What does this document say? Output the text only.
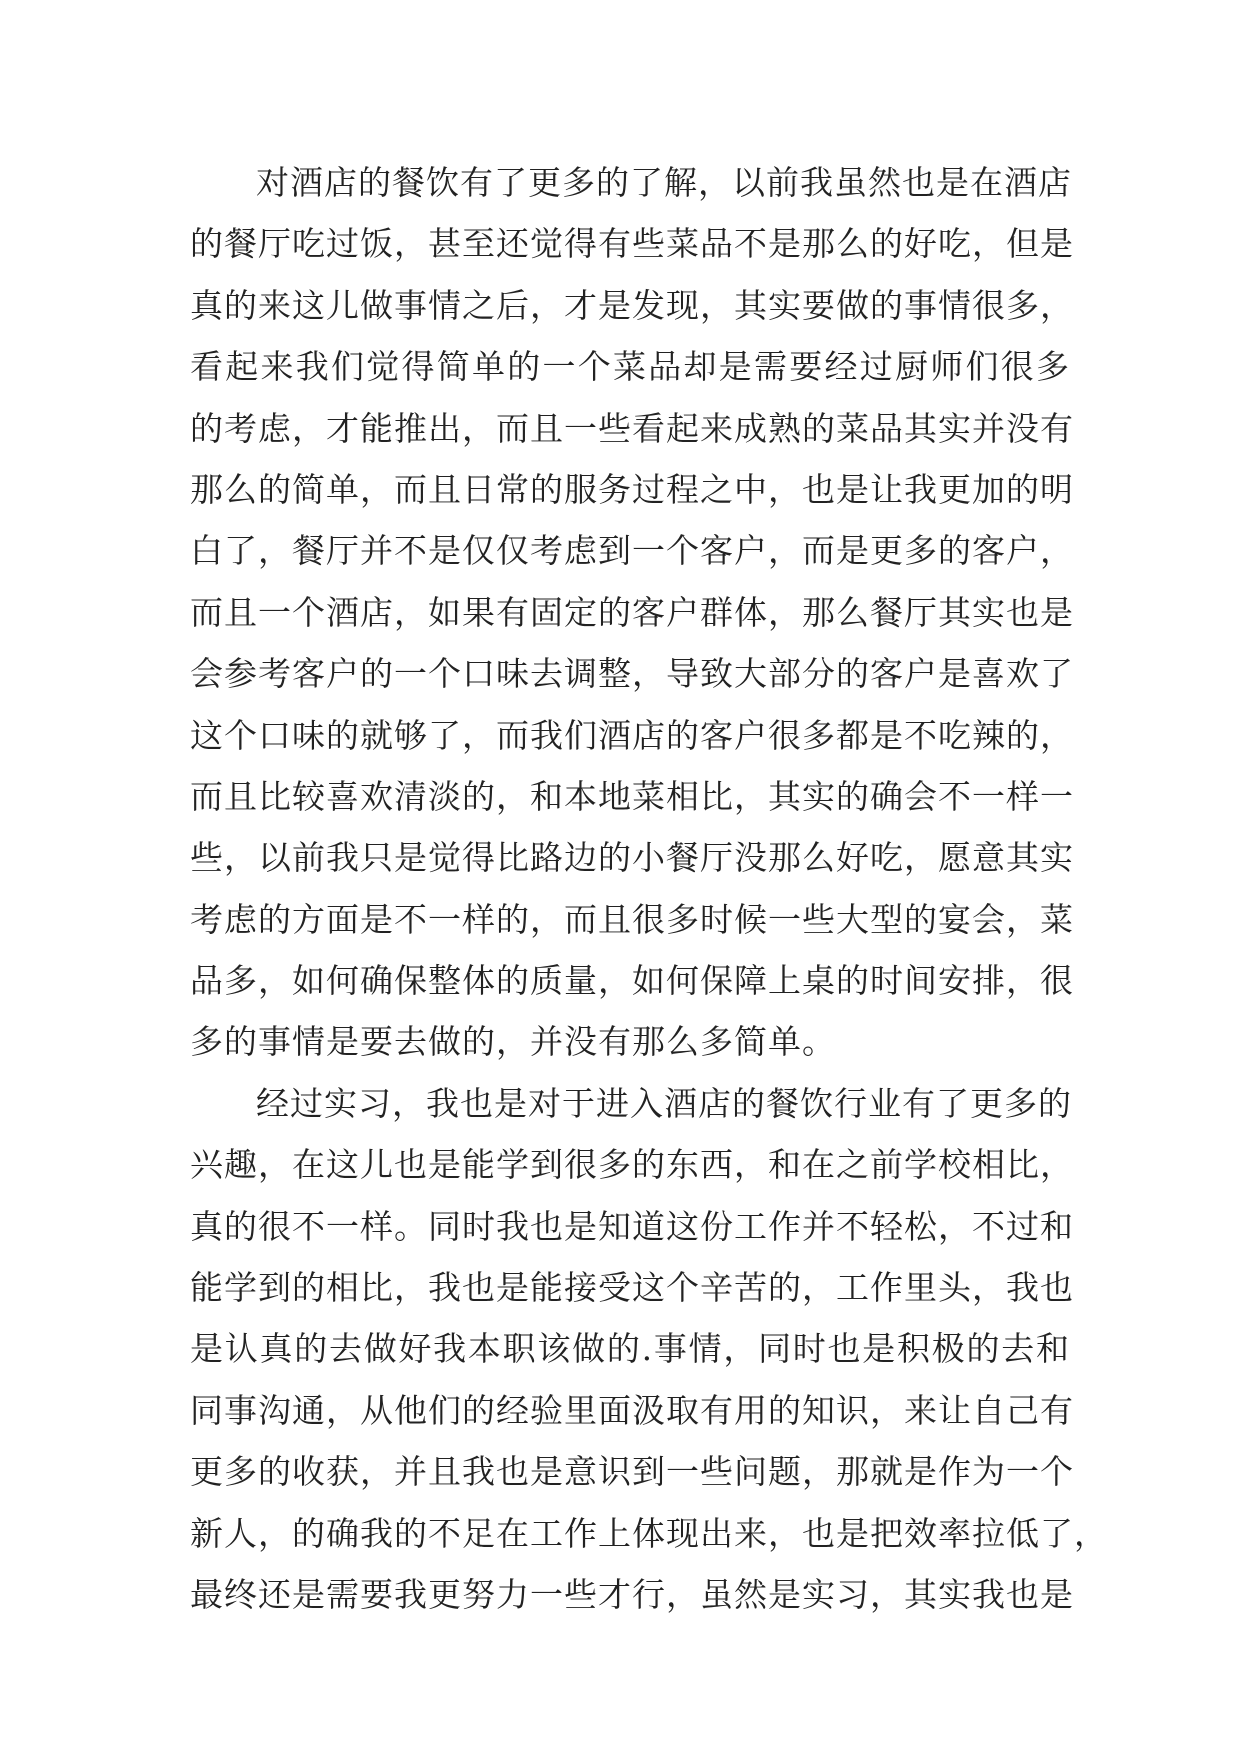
对酒店的餐饮有了更多的了解，以前我虽然也是在酒店
的餐厅吃过饭，甚至还觉得有些菜品不是那么的好吃，但是
真的来这儿做事情之后，才是发现，其实要做的事情很多，
看起来我们觉得简单的一个菜品却是需要经过厨师们很多
的考虑，才能推出，而且一些看起来成熟的菜品其实并没有
那么的简单，而且日常的服务过程之中，也是让我更加的明
白了，餐厅并不是仅仅考虑到一个客户，而是更多的客户，
而且一个酒店，如果有固定的客户群体，那么餐厅其实也是
会参考客户的一个口味去调整，导致大部分的客户是喜欢了
这个口味的就够了，而我们酒店的客户很多都是不吃辣的，
而且比较喜欢清淡的，和本地菜相比，其实的确会不一样一
些，以前我只是觉得比路边的小餐厅没那么好吃，愿意其实
考虑的方面是不一样的，而且很多时候一些大型的宴会，菜
品多，如何确保整体的质量，如何保障上桌的时间安排，很
多的事情是要去做的，并没有那么多简单。
经过实习，我也是对于进入酒店的餐饮行业有了更多的
兴趣，在这儿也是能学到很多的东西，和在之前学校相比，
真的很不一样。同时我也是知道这份工作并不轻松，不过和
能学到的相比，我也是能接受这个辛苦的，工作里头，我也
是认真的去做好我本职该做的.事情，同时也是积极的去和
同事沟通，从他们的经验里面汲取有用的知识，来让自己有
更多的收获，并且我也是意识到一些问题，那就是作为一个
新人，的确我的不足在工作上体现出来，也是把效率拉低了，
最终还是需要我更努力一些才行，虽然是实习，其实我也是
